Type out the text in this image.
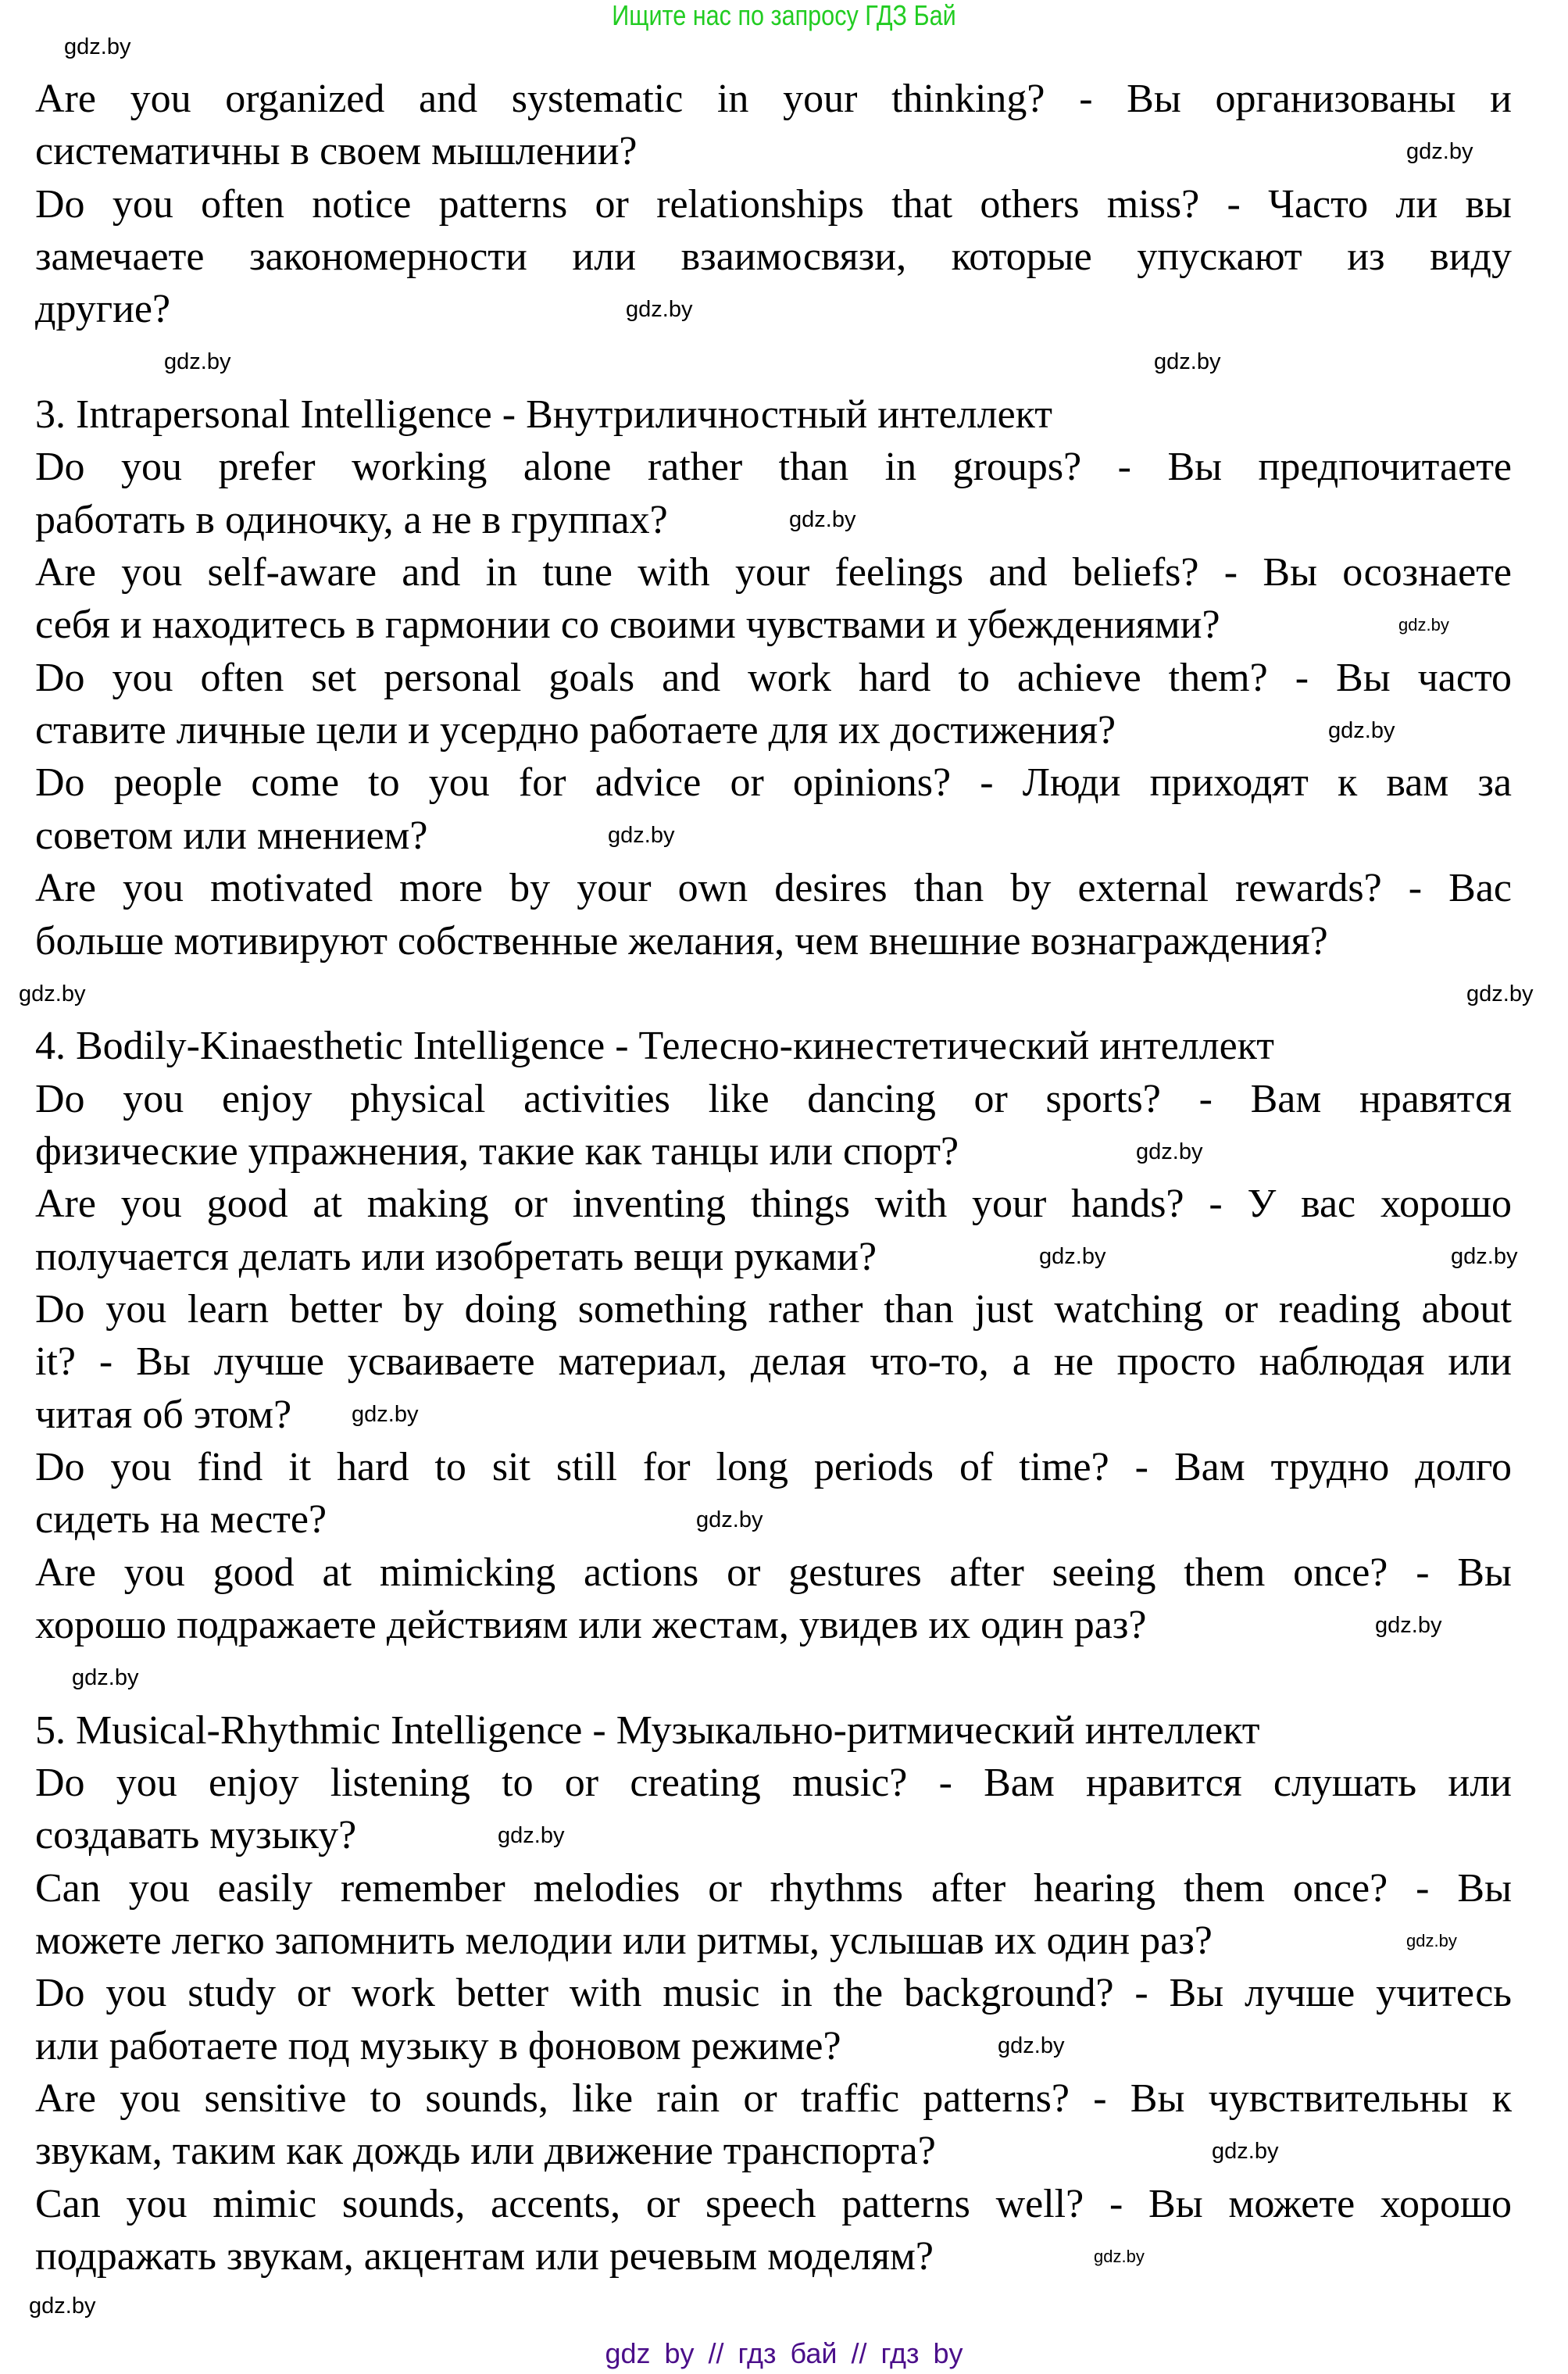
Ищите нас по запросу ГДЗ Бай
Are you organized and systematic in your thinking? - Вы организованы и
систематичны в своем мышлении?
Do you often notice patterns or relationships that others miss? - Часто ли вы
замечаете закономерности или взаимосвязи, которые упускают из виду
другие?
3. Intrapersonal Intelligence - Внутриличностный интеллект
Do you prefer working alone rather than in groups? - Вы предпочитаете
работать в одиночку, а не в группах?
Are you self-aware and in tune with your feelings and beliefs? - Вы осознаете
себя и находитесь в гармонии со своими чувствами и убеждениями?
Do you often set personal goals and work hard to achieve them? - Вы часто
ставите личные цели и усердно работаете для их достижения?
Do people come to you for advice or opinions? - Люди приходят к вам за
советом или мнением?
Are you motivated more by your own desires than by external rewards? - Вас
больше мотивируют собственные желания, чем внешние вознаграждения?
4. Bodily-Kinaesthetic Intelligence - Телесно-кинестетический интеллект
Do you enjoy physical activities like dancing or sports? - Вам нравятся
физические упражнения, такие как танцы или спорт?
Are you good at making or inventing things with your hands? - У вас хорошо
получается делать или изобретать вещи руками?
Do you learn better by doing something rather than just watching or reading about
it? - Вы лучше усваиваете материал, делая что-то, а не просто наблюдая или
читая об этом?
Do you find it hard to sit still for long periods of time? - Вам трудно долго
сидеть на месте?
Are you good at mimicking actions or gestures after seeing them once? - Вы
хорошо подражаете действиям или жестам, увидев их один раз?
5. Musical-Rhythmic Intelligence - Музыкально-ритмический интеллект
Do you enjoy listening to or creating music? - Вам нравится слушать или
создавать музыку?
Can you easily remember melodies or rhythms after hearing them once? - Вы
можете легко запомнить мелодии или ритмы, услышав их один раз?
Do you study or work better with music in the background? - Вы лучше учитесь
или работаете под музыку в фоновом режиме?
Are you sensitive to sounds, like rain or traffic patterns? - Вы чувствительны к
звукам, таким как дождь или движение транспорта?
Can you mimic sounds, accents, or speech patterns well? - Вы можете хорошо
подражать звукам, акцентам или речевым моделям?
gdz.by
gdz.by
gdz.by
gdz.by
gdz.by
gdz.by
gdz.by
gdz.by
gdz.by
gdz.by	gdz.by
gdz.by
gdz.by
gdz.by
gdz.by
gdz.by
gdz.by
gdz.by
gdz.by
gdz.by
gdz.by
gdz.by
gdz.by
gdz.by
gdz by // гдз бай // гдз by
